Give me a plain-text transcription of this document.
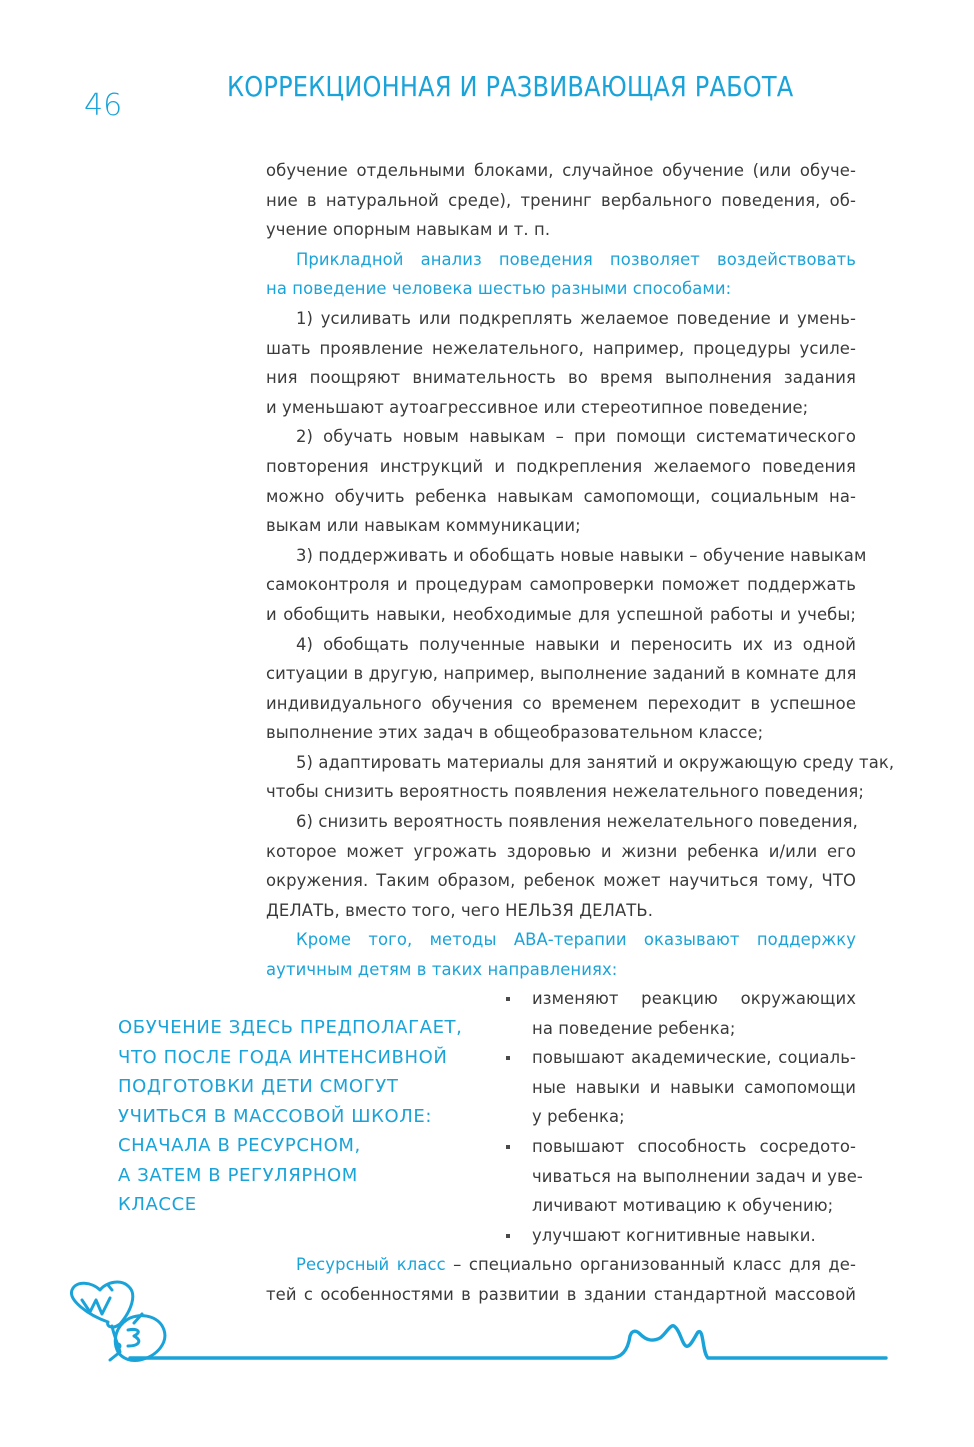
46
КОРРЕКЦИОННАЯ И РАЗВИВАЮЩАЯ РАБОТА
обучение отдельными блоками, случайное обучение (или обуче-
ние в натуральной среде), тренинг вербального поведения, об-
учение опорным навыкам и т. п.
Прикладной анализ поведения позволяет воздействовать
на поведение человека шестью разными способами:
1) усиливать или подкреплять желаемое поведение и умень-
шать проявление нежелательного, например, процедуры усиле-
ния поощряют внимательность во время выполнения задания
и уменьшают аутоагрессивное или стереотипное поведение;
2) обучать новым навыкам – при помощи систематического
повторения инструкций и подкрепления желаемого поведения
можно обучить ребенка навыкам самопомощи, социальным на-
выкам или навыкам коммуникации;
3) поддерживать и обобщать новые навыки – обучение навыкам
самоконтроля и процедурам самопроверки поможет поддержать
и обобщить навыки, необходимые для успешной работы и учебы;
4) обобщать полученные навыки и переносить их из одной
ситуации в другую, например, выполнение заданий в комнате для
индивидуального обучения со временем переходит в успешное
выполнение этих задач в общеобразовательном классе;
5) адаптировать материалы для занятий и окружающую среду так,
чтобы снизить вероятность появления нежелательного поведения;
6) снизить вероятность появления нежелательного поведения,
которое может угрожать здоровью и жизни ребенка и/или его
окружения. Таким образом, ребенок может научиться тому, ЧТО
ДЕЛАТЬ, вместо того, чего НЕЛЬЗЯ ДЕЛАТЬ.
Кроме того, методы АВА-терапии оказывают поддержку
аутичным детям в таких направлениях:
изменяют реакцию окружающих
на поведение ребенка;
повышают академические, социаль-
ные навыки и навыки самопомощи
у ребенка;
повышают способность сосредото-
чиваться на выполнении задач и уве-
личивают мотивацию к обучению;
улучшают когнитивные навыки.
Ресурсный класс – специально организованный класс для де-
тей с особенностями в развитии в здании стандартной массовой
ОБУЧЕНИЕ ЗДЕСЬ ПРЕДПОЛАГАЕТ,
ЧТО ПОСЛЕ ГОДА ИНТЕНСИВНОЙ
ПОДГОТОВКИ ДЕТИ СМОГУТ
УЧИТЬСЯ В МАССОВОЙ ШКОЛЕ:
СНАЧАЛА В РЕСУРСНОМ,
А ЗАТЕМ В РЕГУЛЯРНОМ
КЛАССЕ
